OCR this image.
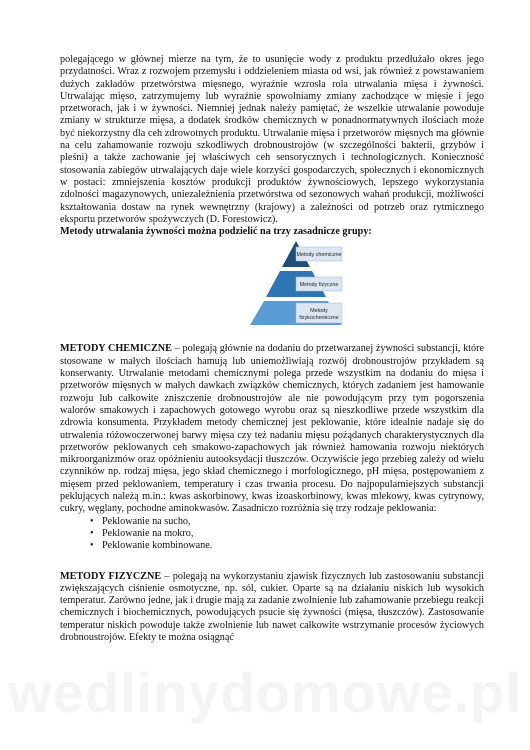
polegającego w głównej mierze na tym, że to usunięcie wody z produktu przedłużało okres jego przydatności. Wraz z rozwojem przemysłu i oddzieleniem miasta od wsi, jak również z powstawaniem dużych zakładów przetwórstwa mięsnego, wyraźnie wzrosła rola utrwalania mięsa i żywności. Utrwalając mięso, zatrzymujemy lub wyraźnie spowolniamy zmiany zachodzące w mięsie i jego przetworach, jak i w żywności. Niemniej jednak należy pamiętać, że wszelkie utrwalanie powoduje zmiany w strukturze mięsa, a dodatek środków chemicznych w ponadnormatywnych ilościach może być niekorzystny dla ceh zdrowotnych produktu. Utrwalanie mięsa i przetworów mięsnych ma głównie na celu zahamowanie rozwoju szkodliwych drobnoustrojów (w szczególności bakterii, grzybów i pleśni) a także zachowanie jej właściwych ceh sensorycznych i technologicznych. Konieczność stosowania zabiegów utrwalających daje wiele korzyści gospodarczych, społecznych i ekonomicznych w postaci: zmniejszenia kosztów produkcji produktów żywnościowych, lepszego wykorzystania zdolności magazynowych, uniezależnienia przetwórstwa od sezonowych wahań produkcji, możliwości kształtowania dostaw na rynek wewnętrzny (krajowy) a zależności od potrzeb oraz rytmicznego eksportu przetworów spożywczych (D. Forestowicz).

Metody utrwalania żywności można podzielić na trzy zasadnicze grupy:

Metody chemiczne
Metody fizyczne
Metody
fizykochemiczne

METODY CHEMICZNE – polegają głównie na dodaniu do przetwarzanej żywności substancji, które stosowane w małych ilościach hamują lub uniemożliwiają rozwój drobnoustrojów przykładem są konserwanty. Utrwalanie metodami chemicznymi polega przede wszystkim na dodaniu do mięsa i przetworów mięsnych w małych dawkach związków chemicznych, których zadaniem jest hamowanie rozwoju lub całkowite zniszczenie drobnoustrojów ale nie powodującym przy tym pogorszenia walorów smakowych i zapachowych gotowego wyrobu oraz są nieszkodliwe przede wszystkim dla zdrowia konsumenta. Przykładem metody chemicznej jest peklowanie, które idealnie nadaje się do utrwalenia różowoczerwonej barwy mięsa czy też nadaniu mięsu pożądanych charakterystycznych dla przetworów peklowanych ceh smakowo-zapachowych jak również hamowania rozwoju niektórych mikroorganizmów oraz opóźnieniu autooksydacji tłuszczów. Oczywiście jego przebieg zależy od wielu czynników np. rodzaj mięsa, jego skład chemicznego i morfologicznego, pH mięsa, postępowaniem z mięsem przed peklowaniem, temperatury i czas trwania procesu. Do najpopularniejszych substancji peklujących należą m.in.: kwas askorbinowy, kwas izoaskorbinowy, kwas mlekowy, kwas cytrynowy, cukry, węglany, pochodne aminokwasów. Zasadniczo rozróżnia się trzy rodzaje peklowania:

• Peklowanie na sucho,
• Peklowanie na mokro,
• Peklowanie kombinowane.

METODY FIZYCZNE – polegają na wykorzystaniu zjawisk fizycznych lub zastosowaniu substancji zwiększających ciśnienie osmotyczne, np. sól, cukier. Oparte są na działaniu niskich lub wysokich temperatur. Zarówno jedne, jak i drugie mają za zadanie zwolnienie lub zahamowanie przebiegu reakcji chemicznych i biochemicznych, powodujących psucie się żywności (mięsa, tłuszczów). Zastosowanie temperatur niskich powoduje także zwolnienie lub nawet całkowite wstrzymanie procesów życiowych drobnoustrojów. Efekty te można osiągnąć

wedlinydomowe.pl
